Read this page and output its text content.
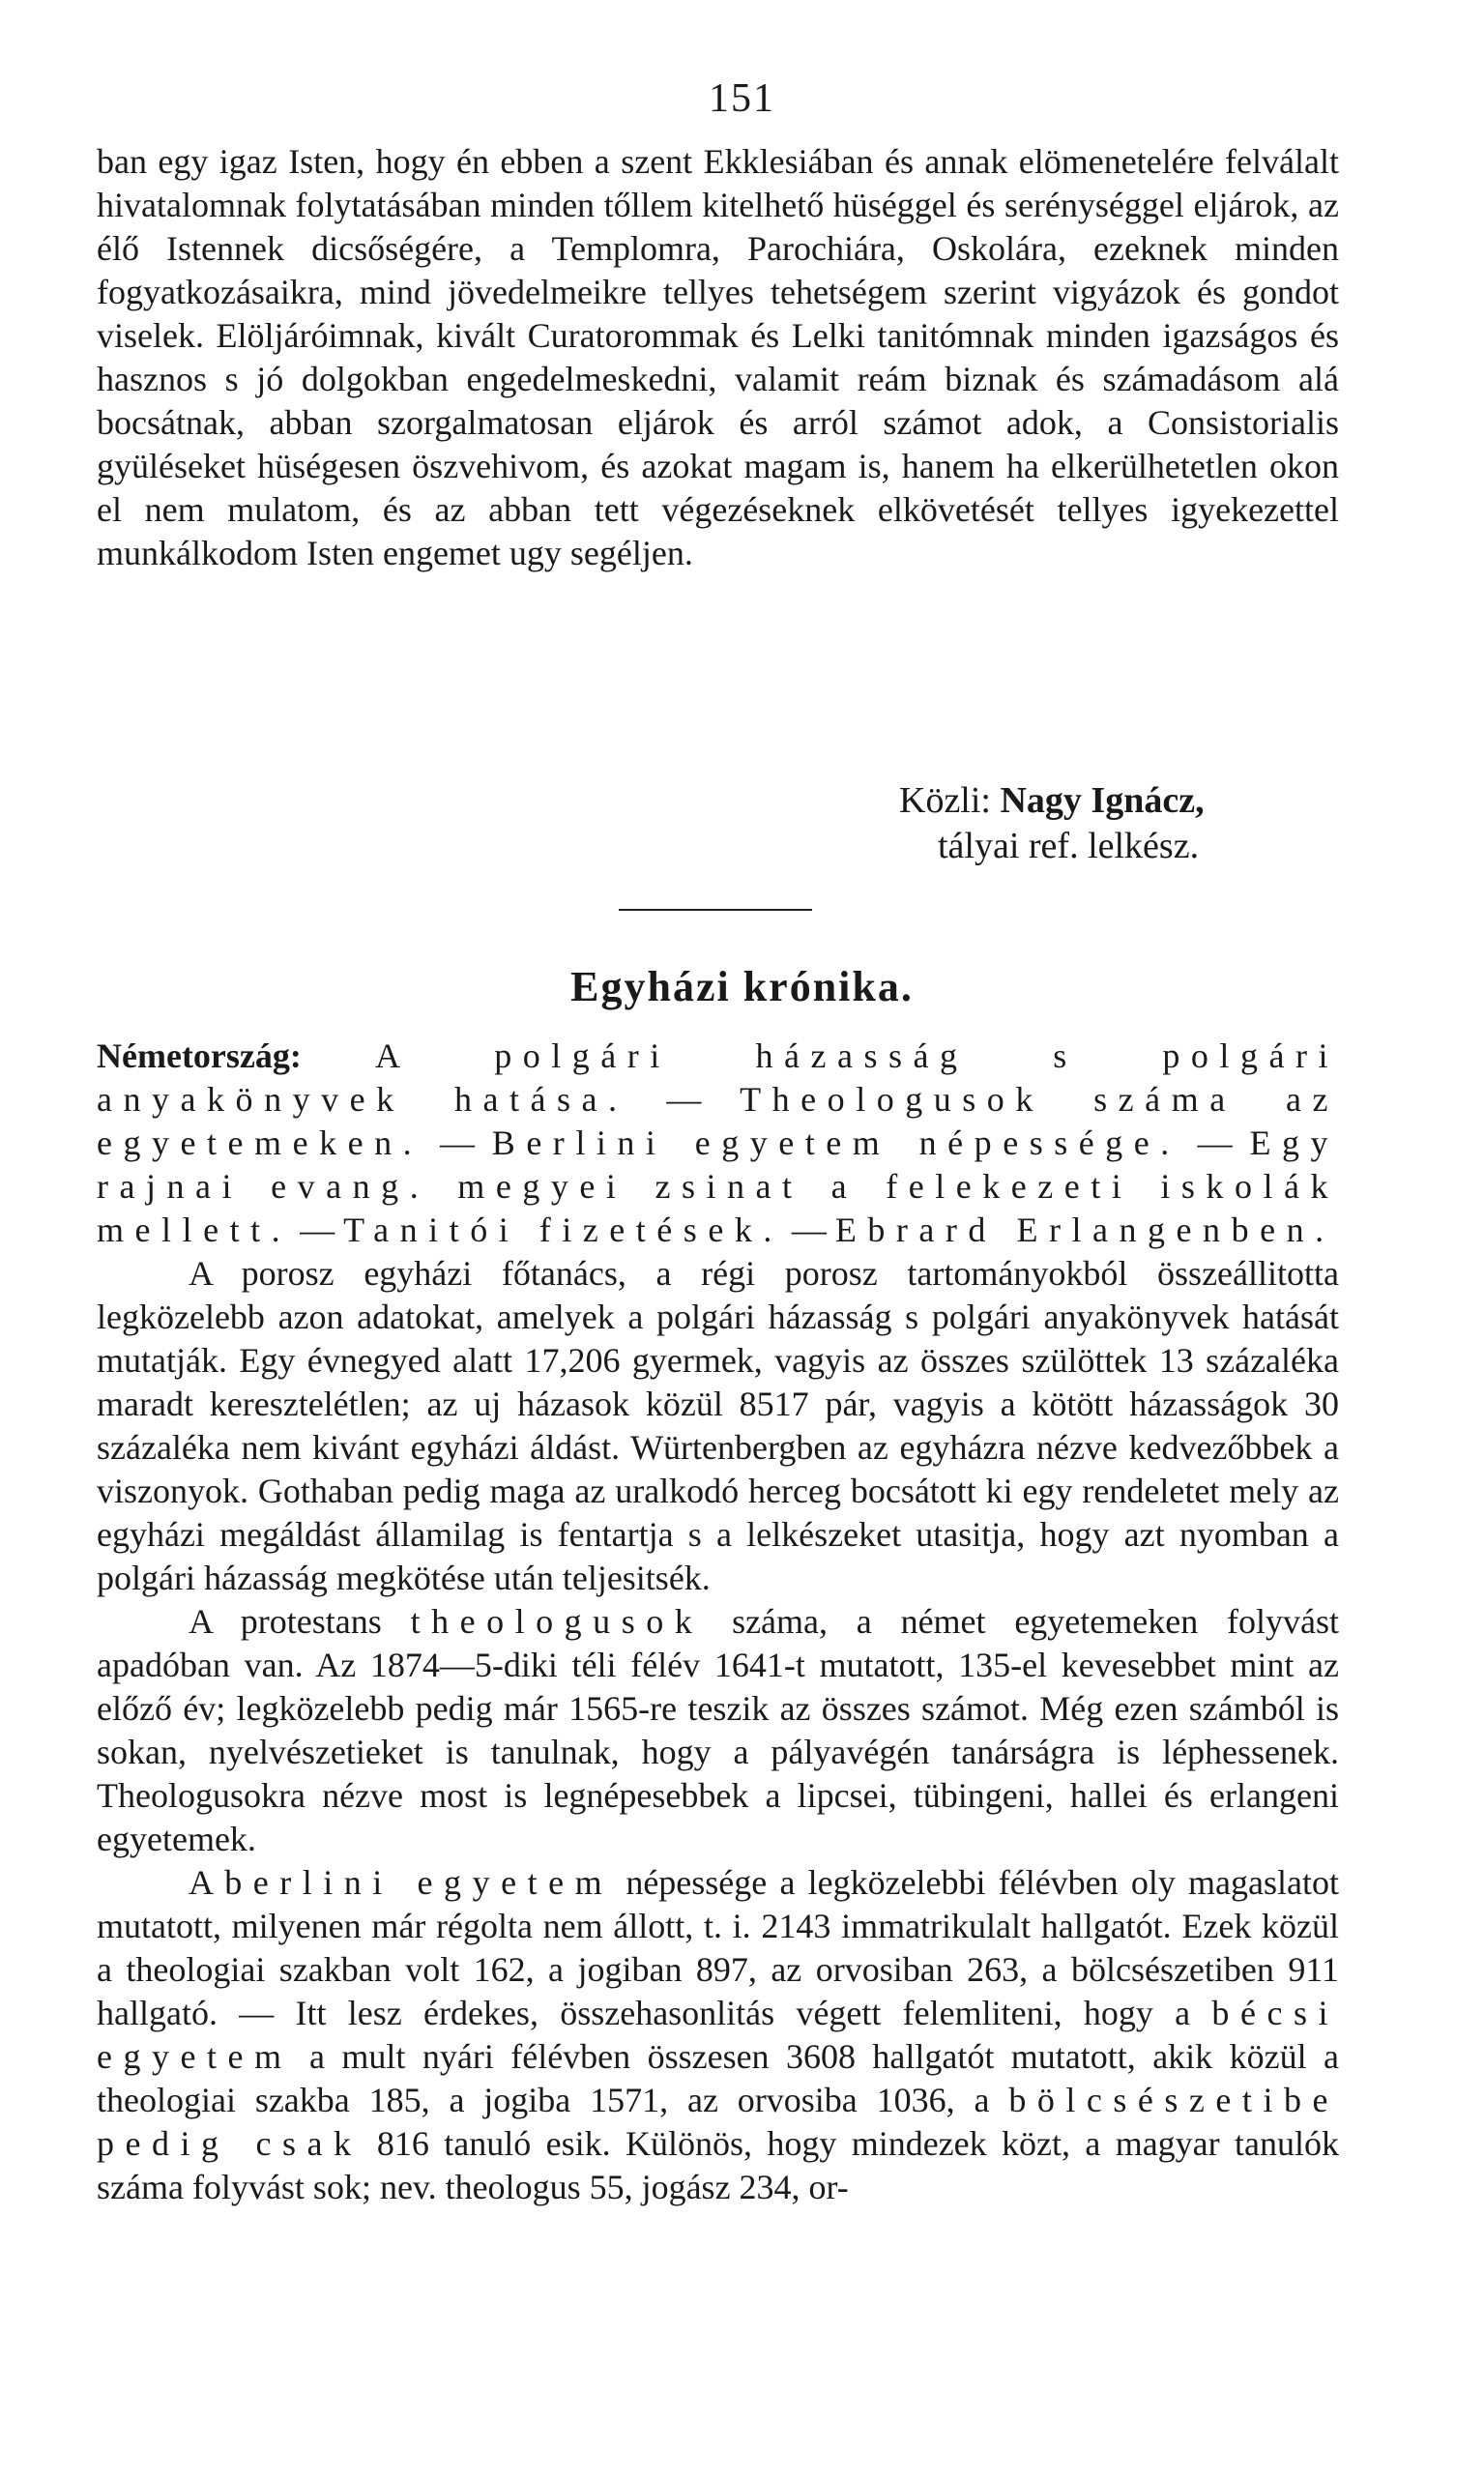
151

ban egy igaz Isten, hogy én ebben a szent Ekklesiában és annak elömenetelére felválalt hivatalomnak folytatásában minden tőllem kitelhető hüséggel és serénységgel eljárok, az élő Istennek dicsőségére, a Templomra, Parochiára, Oskolára, ezeknek minden fogyatkozásaikra, mind jövedelmeikre tellyes tehetségem szerint vigyázok és gondot viselek. Elöljáróimnak, kivált Curatorommak és Lelki tanitómnak minden igazságos és hasznos s jó dolgokban engedelmeskedni, valamit reám biznak és számadásom alá bocsátnak, abban szorgalmatosan eljárok és arról számot adok, a Consistorialis gyüléseket hüségesen öszvehivom, és azokat magam is, hanem ha elkerülhetetlen okon el nem mulatom, és az abban tett végezéseknek elkövetését tellyes igyekezettel munkálkodom Isten engemet ugy segéljen.

Közli: Nagy Ignácz,
tályai ref. lelkész.
Egyházi krónika.

Németország: A polgári házasság s polgári anyakönyvek hatása. — Theologusok száma az egyetemeken. — Berlini egyetem népessége. — Egy rajnai evang. megyei zsinat a felekezeti iskolák mellett. — Tanitói fizetések. — Ebrard Erlangenben.

A porosz egyházi főtanács, a régi porosz tartományokból összeállitotta legközelebb azon adatokat, amelyek a polgári házasság s polgári anyakönyvek hatását mutatják. Egy évnegyed alatt 17,206 gyermek, vagyis az összes szülöttek 13 százaléka maradt keresztelétlen; az uj házasok közül 8517 pár, vagyis a kötött házasságok 30 százaléka nem kivánt egyházi áldást. Würtenbergben az egyházra nézve kedvezőbbek a viszonyok. Gothaban pedig maga az uralkodó herceg bocsátott ki egy rendeletet mely az egyházi megáldást államilag is fentartja s a lelkészeket utasitja, hogy azt nyomban a polgári házasság megkötése után teljesitsék.

A protestans theologusok száma, a német egyetemeken folyvást apadóban van. Az 1874—5-diki téli félév 1641-t mutatott, 135-el kevesebbet mint az előző év; legközelebb pedig már 1565-re teszik az összes számot. Még ezen számból is sokan, nyelvészetieket is tanulnak, hogy a pályavégén tanárságra is léphessenek. Theologusokra nézve most is legnépesebbek a lipcsei, tübingeni, hallei és erlangeni egyetemek.

A berlini egyetem népessége a legközelebbi félévben oly magaslatot mutatott, milyenen már régolta nem állott, t. i. 2143 immatrikulalt hallgatót. Ezek közül a theologiai szakban volt 162, a jogiban 897, az orvosiban 263, a bölcsészetiben 911 hallgató. — Itt lesz érdekes, összehasonlitás végett felemliteni, hogy a bécsi egyetem a mult nyári félévben összesen 3608 hallgatót mutatott, akik közül a theologiai szakba 185, a jogiba 1571, az orvosiba 1036, a bölcsészetibe pedig csak 816 tanuló esik. Különös, hogy mindezek közt, a magyar tanulók száma folyvást sok; nev. theologus 55, jogász 234, or-
